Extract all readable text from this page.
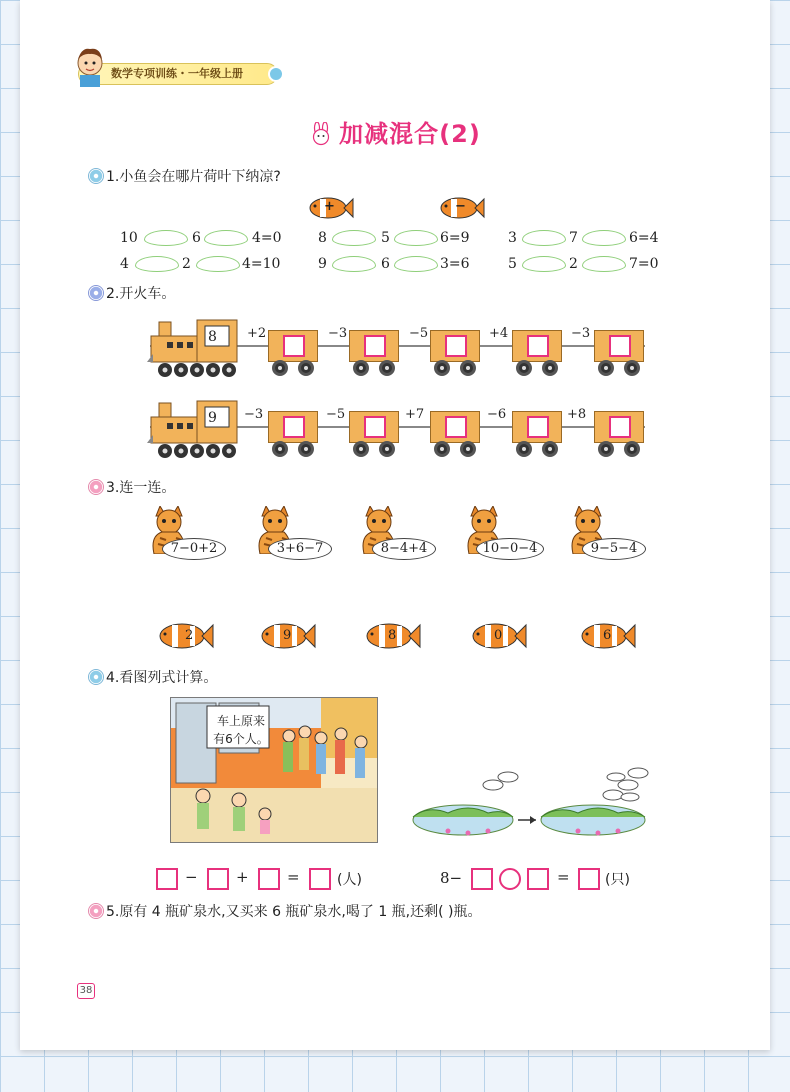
数学专项训练・一年级上册
加减混合(2)
1.小鱼会在哪片荷叶下纳凉?
+	−
10	6	4=0	8	5	6=9	3	7	6=4
4	2	4=10	9	6	3=6	5	2	7=0
2.开火车。
8 +2	−3	−5	+4	−3
9 −3	−5	+7	−6	+8
3.连一连。
7−0+2	3+6−7	8−4+4	10−0−4	9−5−4
2	9	8	0	6
4.看图列式计算。
车上原来
有6个人。
−	+	=	(人)	8−	=	(只)
5.原有 4 瓶矿泉水,又买来 6 瓶矿泉水,喝了 1 瓶,还剩( )瓶。
38
